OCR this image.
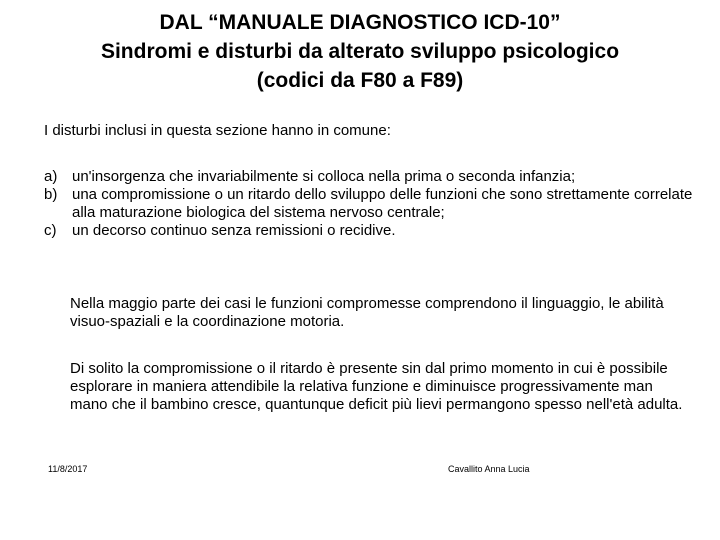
DAL “MANUALE DIAGNOSTICO ICD-10”
Sindromi e disturbi da alterato sviluppo psicologico
(codici da F80 a F89)
I disturbi inclusi in questa sezione hanno in comune:
a) un'insorgenza che invariabilmente si colloca nella prima o seconda infanzia;
b) una compromissione o un ritardo dello sviluppo delle funzioni che sono strettamente correlate alla maturazione biologica del sistema nervoso centrale;
c)	un decorso continuo senza remissioni o recidive.
Nella maggio parte dei casi le funzioni compromesse comprendono il linguaggio, le abilità visuo-spaziali e la coordinazione motoria.
Di solito la compromissione o il ritardo è presente sin dal primo momento in cui è possibile esplorare in maniera attendibile la relativa funzione e diminuisce progressivamente man mano che il bambino cresce, quantunque deficit più lievi permangono spesso nell'età adulta.
11/8/2017	Cavallito Anna Lucia
